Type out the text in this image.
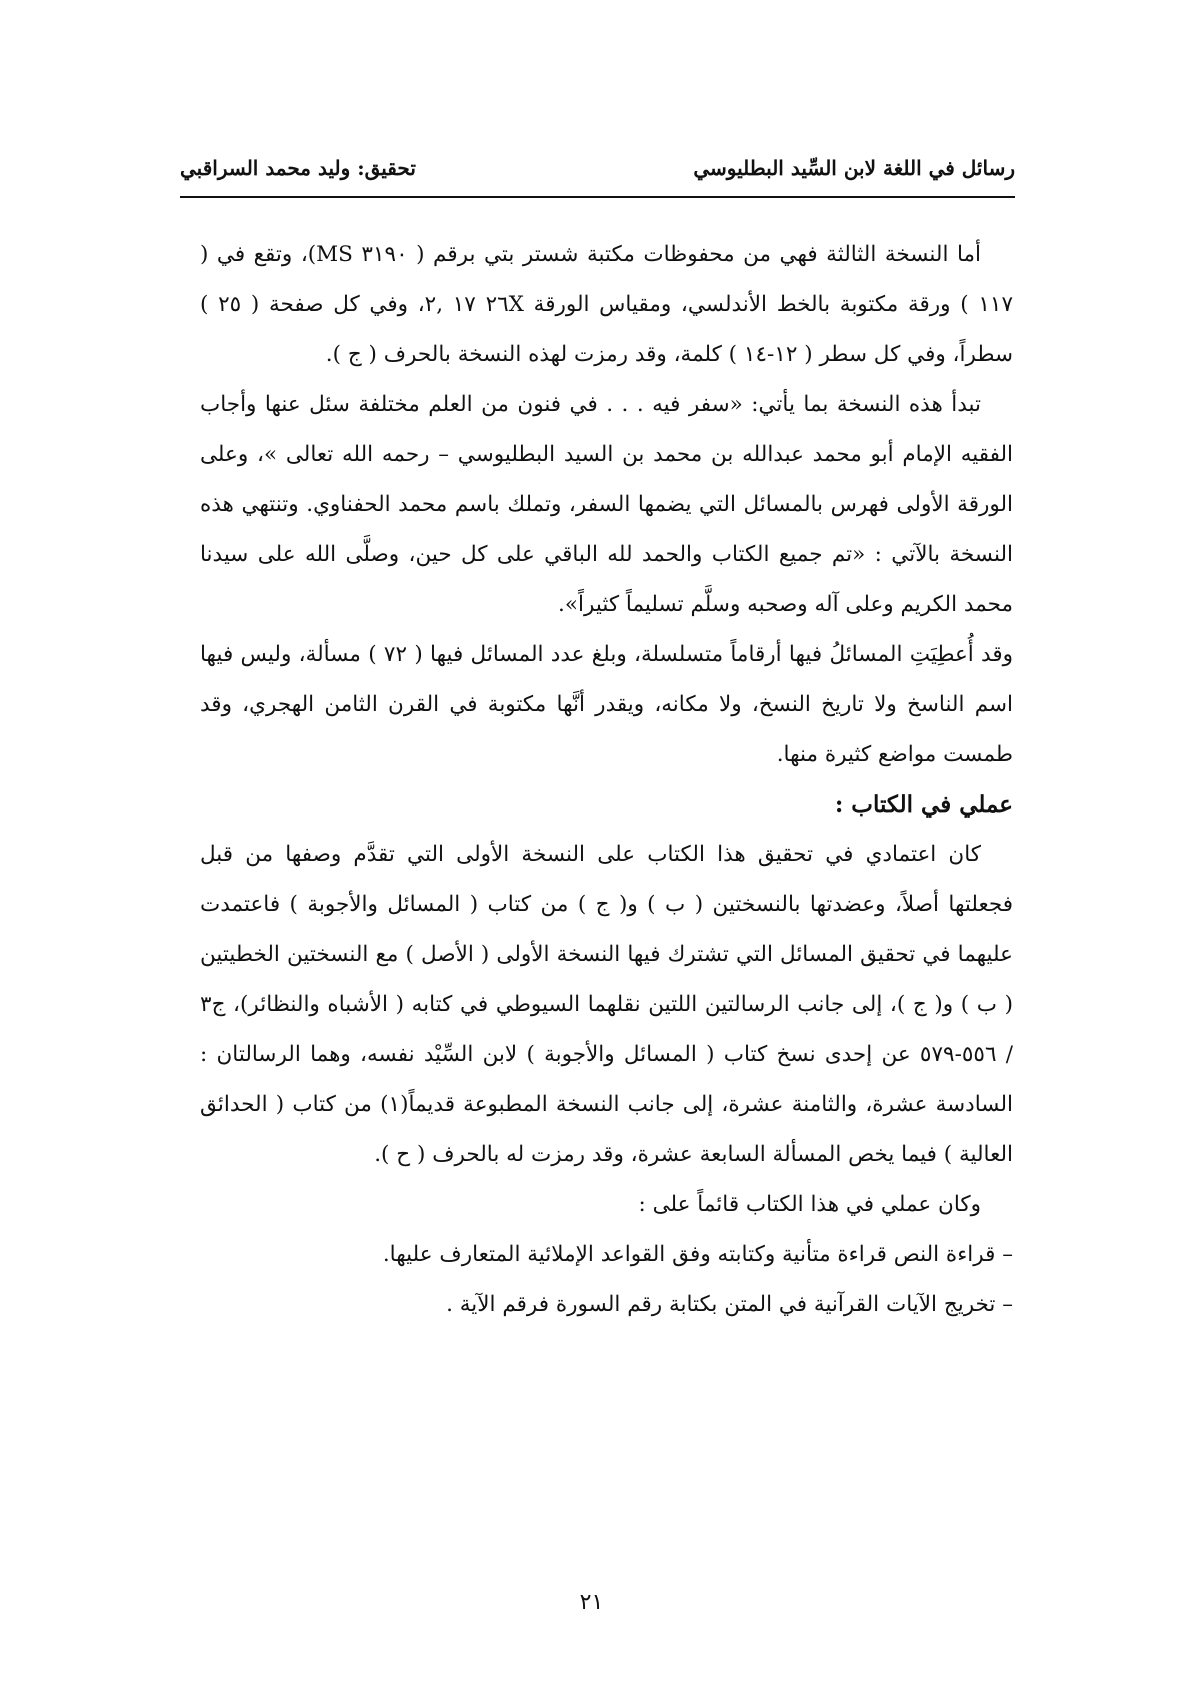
رسائل في اللغة لابن السِّيد البطليوسي
تحقيق: وليد محمد السراقبي

أما النسخة الثالثة فهي من محفوظات مكتبة شستر بتي برقم ( ٣١٩٠ MS)، وتقع في ( ١١٧ ) ورقة مكتوبة بالخط الأندلسي، ومقياس الورقة ٢٦X ١٧ ,٢، وفي كل صفحة ( ٢٥ ) سطراً، وفي كل سطر ( ١٢-١٤ ) كلمة، وقد رمزت لهذه النسخة بالحرف ( ج ).

تبدأ هذه النسخة بما يأتي: «سفر فيه . . . في فنون من العلم مختلفة سئل عنها وأجاب الفقيه الإمام أبو محمد عبدالله بن محمد بن السيد البطليوسي – رحمه الله تعالى »، وعلى الورقة الأولى فهرس بالمسائل التي يضمها السفر، وتملك باسم محمد الحفناوي. وتنتهي هذه النسخة بالآتي : «تم جميع الكتاب والحمد لله الباقي على كل حين، وصلَّى الله على سيدنا محمد الكريم وعلى آله وصحبه وسلَّم تسليماً كثيراً».

وقد أُعطِيَتِ المسائلُ فيها أرقاماً متسلسلة، وبلغ عدد المسائل فيها ( ٧٢ ) مسألة، وليس فيها اسم الناسخ ولا تاريخ النسخ، ولا مكانه، ويقدر أنَّها مكتوبة في القرن الثامن الهجري، وقد طمست مواضع كثيرة منها.

عملي في الكتاب :

كان اعتمادي في تحقيق هذا الكتاب على النسخة الأولى التي تقدَّم وصفها من قبل فجعلتها أصلاً، وعضدتها بالنسختين ( ب ) و( ج ) من كتاب ( المسائل والأجوبة ) فاعتمدت عليهما في تحقيق المسائل التي تشترك فيها النسخة الأولى ( الأصل ) مع النسختين الخطيتين ( ب ) و( ج )، إلى جانب الرسالتين اللتين نقلهما السيوطي في كتابه ( الأشباه والنظائر)، ج٣ / ٥٥٦-٥٧٩ عن إحدى نسخ كتاب ( المسائل والأجوبة ) لابن السِّيْد نفسه، وهما الرسالتان : السادسة عشرة، والثامنة عشرة، إلى جانب النسخة المطبوعة قديماً(١) من كتاب ( الحدائق العالية ) فيما يخص المسألة السابعة عشرة، وقد رمزت له بالحرف ( ح ).

وكان عملي في هذا الكتاب قائماً على :

– قراءة النص قراءة متأنية وكتابته وفق القواعد الإملائية المتعارف عليها.

– تخريج الآيات القرآنية في المتن بكتابة رقم السورة فرقم الآية .

٢١
